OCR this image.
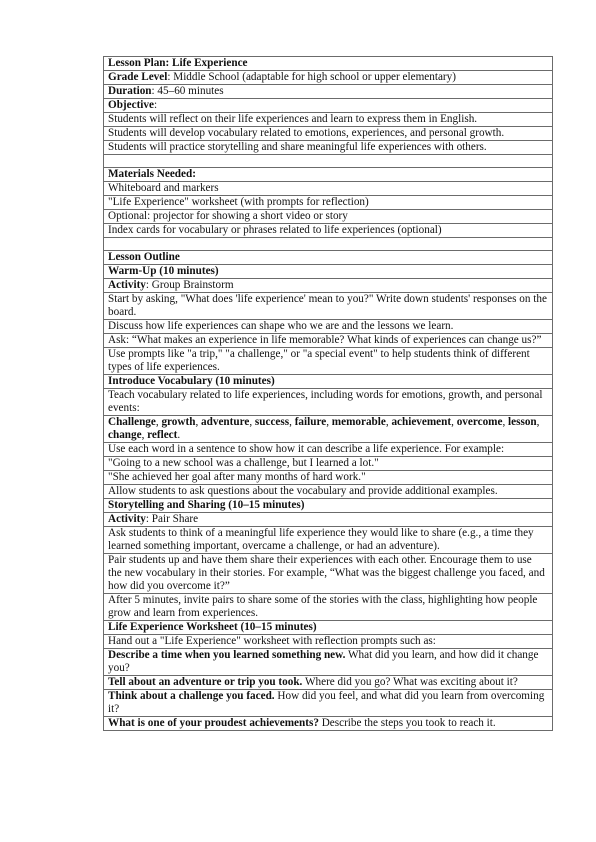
Lesson Plan: Life Experience
Grade Level: Middle School (adaptable for high school or upper elementary)
Duration: 45–60 minutes
Objective:
Students will reflect on their life experiences and learn to express them in English.
Students will develop vocabulary related to emotions, experiences, and personal growth.
Students will practice storytelling and share meaningful life experiences with others.

Materials Needed:
Whiteboard and markers
"Life Experience" worksheet (with prompts for reflection)
Optional: projector for showing a short video or story
Index cards for vocabulary or phrases related to life experiences (optional)

Lesson Outline
Warm-Up (10 minutes)
Activity: Group Brainstorm
Start by asking, "What does 'life experience' mean to you?" Write down students' responses on the board.
Discuss how life experiences can shape who we are and the lessons we learn.
Ask: “What makes an experience in life memorable? What kinds of experiences can change us?”
Use prompts like "a trip," "a challenge," or "a special event" to help students think of different types of life experiences.
Introduce Vocabulary (10 minutes)
Teach vocabulary related to life experiences, including words for emotions, growth, and personal events:
Challenge, growth, adventure, success, failure, memorable, achievement, overcome, lesson, change, reflect.
Use each word in a sentence to show how it can describe a life experience. For example:
"Going to a new school was a challenge, but I learned a lot."
"She achieved her goal after many months of hard work."
Allow students to ask questions about the vocabulary and provide additional examples.
Storytelling and Sharing (10–15 minutes)
Activity: Pair Share
Ask students to think of a meaningful life experience they would like to share (e.g., a time they learned something important, overcame a challenge, or had an adventure).
Pair students up and have them share their experiences with each other. Encourage them to use the new vocabulary in their stories. For example, “What was the biggest challenge you faced, and how did you overcome it?”
After 5 minutes, invite pairs to share some of the stories with the class, highlighting how people grow and learn from experiences.
Life Experience Worksheet (10–15 minutes)
Hand out a "Life Experience" worksheet with reflection prompts such as:
Describe a time when you learned something new. What did you learn, and how did it change you?
Tell about an adventure or trip you took. Where did you go? What was exciting about it?
Think about a challenge you faced. How did you feel, and what did you learn from overcoming it?
What is one of your proudest achievements? Describe the steps you took to reach it.
